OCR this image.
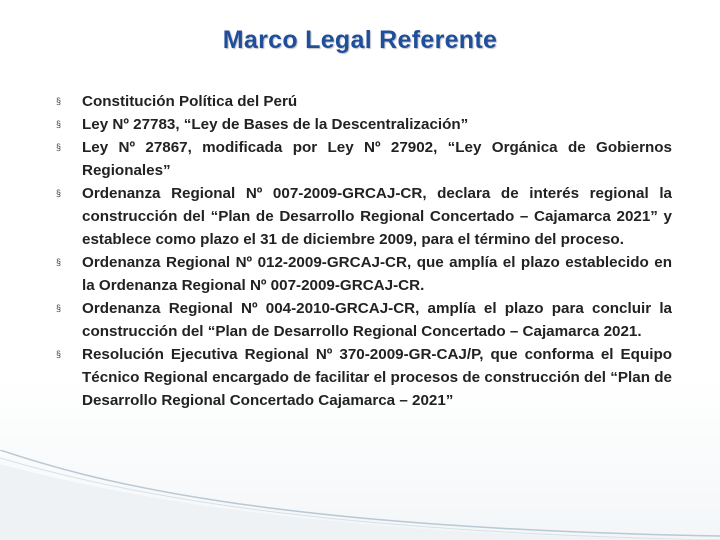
Marco Legal Referente
§	Constitución Política del Perú
§	Ley Nº 27783, “Ley de Bases de la Descentralización”
§	Ley Nº 27867, modificada por Ley Nº 27902, “Ley Orgánica de Gobiernos Regionales”
§	Ordenanza Regional Nº 007-2009-GRCAJ-CR, declara de interés regional la construcción del “Plan de Desarrollo Regional Concertado – Cajamarca 2021” y establece como plazo el 31 de diciembre 2009, para el término del proceso.
§	Ordenanza Regional Nº 012-2009-GRCAJ-CR, que amplía el plazo establecido en la Ordenanza Regional Nº 007-2009-GRCAJ-CR.
§	Ordenanza Regional Nº 004-2010-GRCAJ-CR, amplía el plazo para concluir la construcción del “Plan de Desarrollo Regional Concertado – Cajamarca 2021.
§	Resolución Ejecutiva Regional Nº 370-2009-GR-CAJ/P, que conforma el Equipo Técnico Regional encargado de facilitar el procesos de construcción del “Plan de Desarrollo Regional Concertado Cajamarca – 2021”
